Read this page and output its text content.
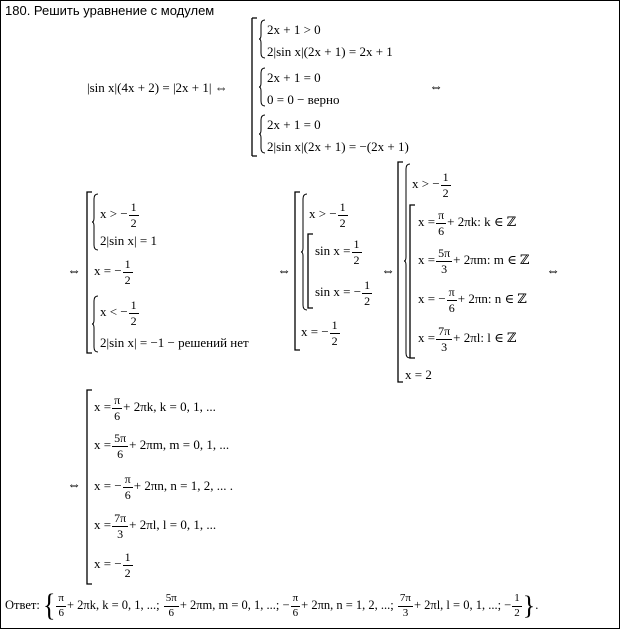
180. Решить уравнение с модулем
|sin x|(4x + 2) = |2x + 1| ⇔
2x + 1 > 0
2|sin x|(2x + 1) = 2x + 1
2x + 1 = 0
0 = 0 − верно
2x + 1 = 0
2|sin x|(2x + 1) = −(2x + 1)
⇔
⇔
x > − $\frac{1}{2}$
2|sin x| = 1
x = − $\frac{1}{2}$
x < − $\frac{1}{2}$
2|sin x| = −1 − решений нет
⇔
x > − $\frac{1}{2}$
$\sin x = \frac{1}{2}$
sin x = − $\frac{1}{2}$
x = − $\frac{1}{2}$
⇔
x > − $\frac{1}{2}$
$x = \frac{\pi}{6} + 2\pi k$: k ∈ ℤ
$x = \frac{5\pi}{3} + 2\pi m$: m ∈ ℤ
x = − $\frac{\pi}{6} + 2\pi n$: n ∈ ℤ
$x = \frac{7\pi}{3} + 2\pi l$: l ∈ ℤ
x = 2
⇔
⇔
$x = \frac{\pi}{6} + 2\pi k$, k = 0, 1, ...
$x = \frac{5\pi}{6} + 2\pi m$, m = 0, 1, ...
x = − $\frac{\pi}{6} + 2\pi n$, n = 1, 2, ... .
$x = \frac{7\pi}{3} + 2\pi l$, l = 0, 1, ...
x = − $\frac{1}{2}$
Ответ: { $\frac{\pi}{6} + 2\pi k$, k = 0, 1, ...; $\frac{5\pi}{6} + 2\pi m$, m = 0, 1, ...; − $\frac{\pi}{6} + 2\pi n$, n = 1, 2, ...; $\frac{7\pi}{3} + 2\pi l$, l = 0, 1, ...; − $\frac{1}{2}$ }.
